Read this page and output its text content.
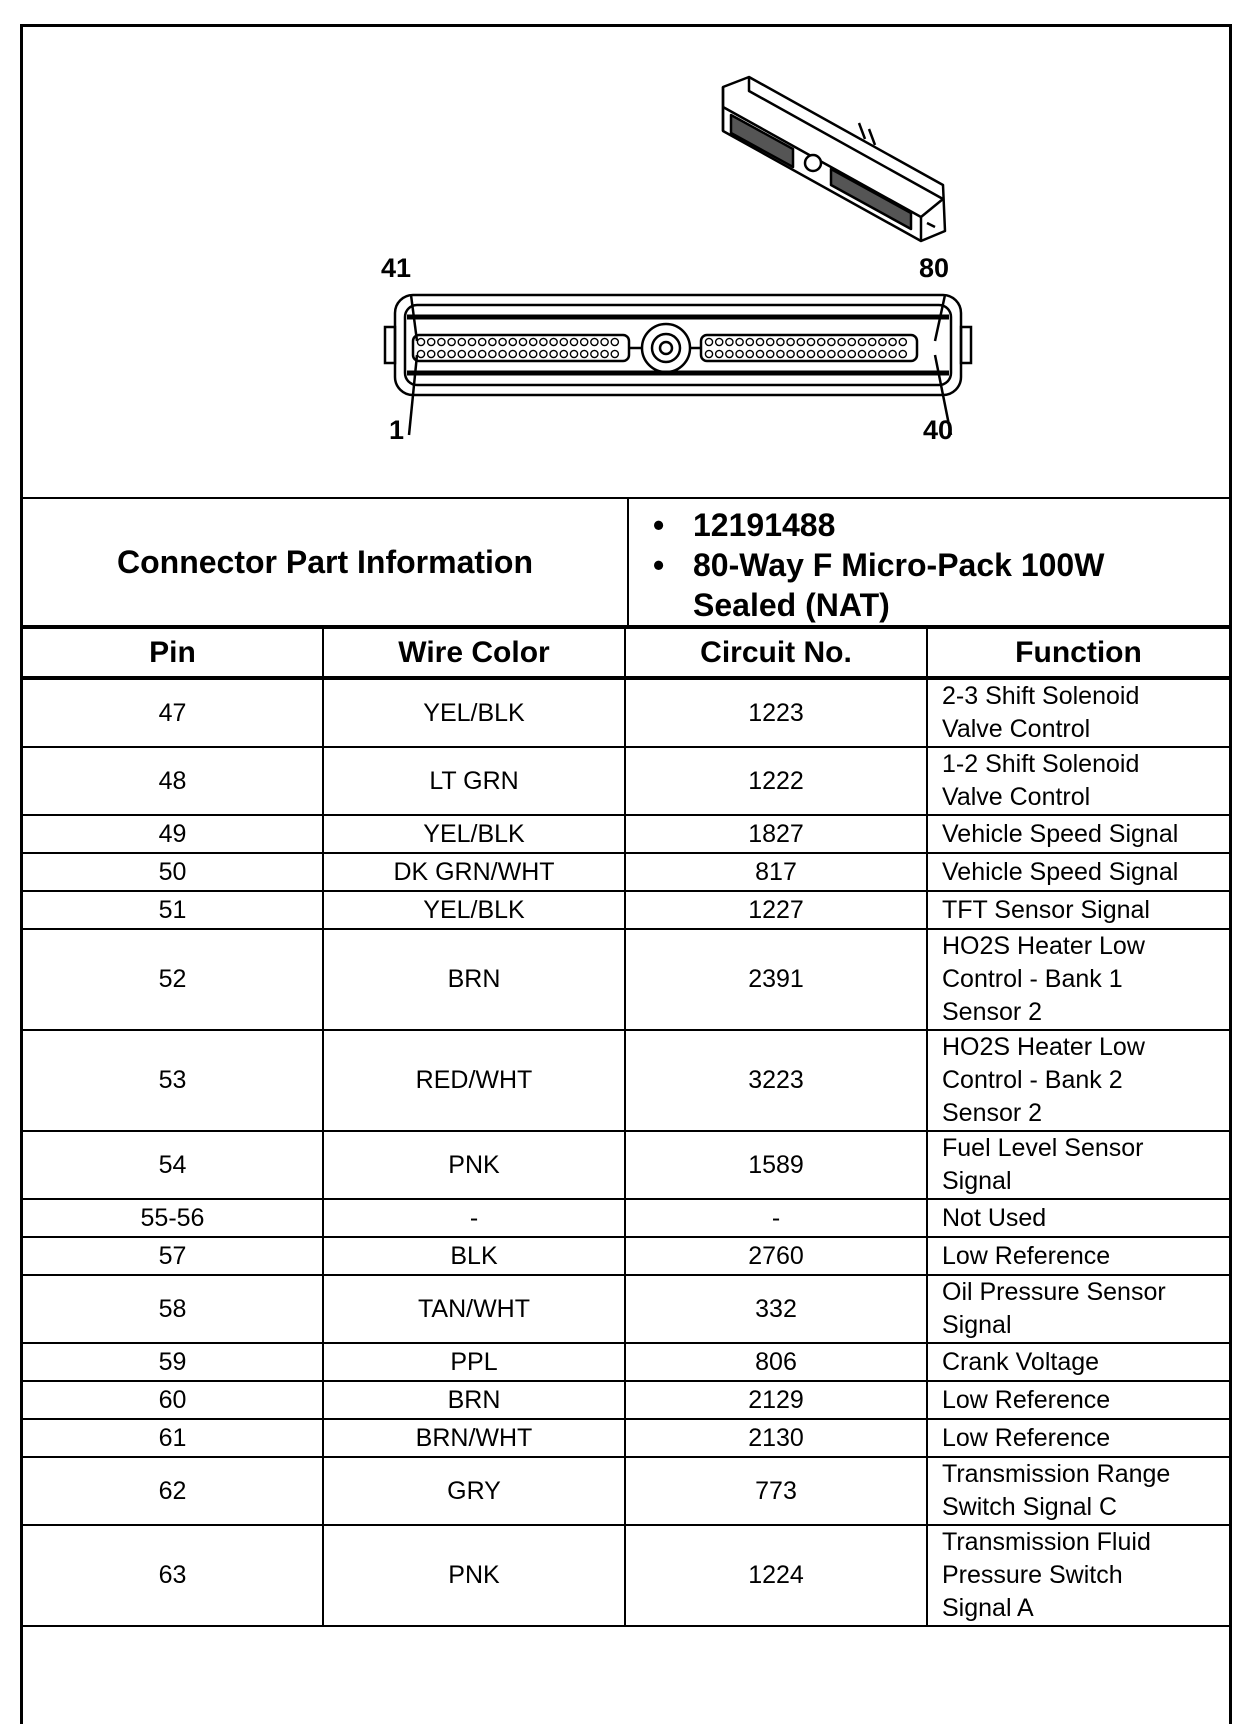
41	80
1	40
Connector Part Information
• 12191488
• 80-Way F Micro-Pack 100W Sealed (NAT)
Pin	Wire Color	Circuit No.	Function
47	YEL/BLK	1223	2-3 Shift Solenoid
Valve Control

48	LT GRN	1222	1-2 Shift Solenoid
Valve Control

49	YEL/BLK	1827	Vehicle Speed Signal

50	DK GRN/WHT	817	Vehicle Speed Signal

51	YEL/BLK	1227	TFT Sensor Signal

52	BRN	2391	HO2S Heater Low
Control - Bank 1
Sensor 2

53	RED/WHT	3223	HO2S Heater Low
Control - Bank 2
Sensor 2

54	PNK	1589	Fuel Level Sensor
Signal

55-56	-	-	Not Used

57	BLK	2760	Low Reference

58	TAN/WHT	332	Oil Pressure Sensor
Signal

59	PPL	806	Crank Voltage

60	BRN	2129	Low Reference

61	BRN/WHT	2130	Low Reference

62	GRY	773	Transmission Range
Switch Signal C

63	PNK	1224	Transmission Fluid
Pressure Switch
Signal A
